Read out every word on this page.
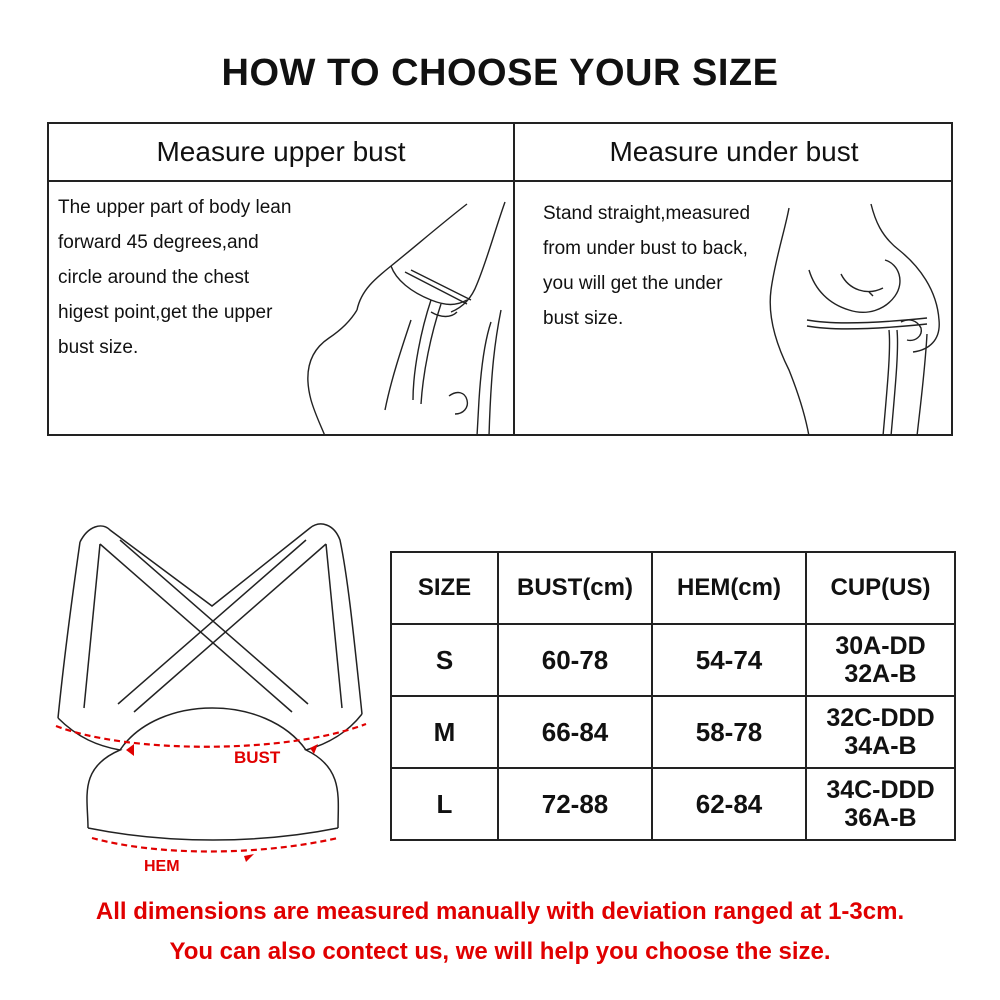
HOW TO CHOOSE YOUR SIZE
Measure upper bust	Measure under bust
The upper part of body lean
forward 45 degrees,and
circle around the chest
higest point,get the upper
bust size.
Stand straight,measured
from under bust to back,
you will get the under
bust size.
BUST
HEM
SIZE	BUST(cm)	HEM(cm)	CUP(US)
S	60-78	54-74	30A-DD
32A-B

M	66-84	58-78	32C-DDD
34A-B

L	72-88	62-84	34C-DDD
36A-B
All dimensions are measured manually with deviation ranged at 1-3cm.
You can also contect us, we will help you choose the size.
